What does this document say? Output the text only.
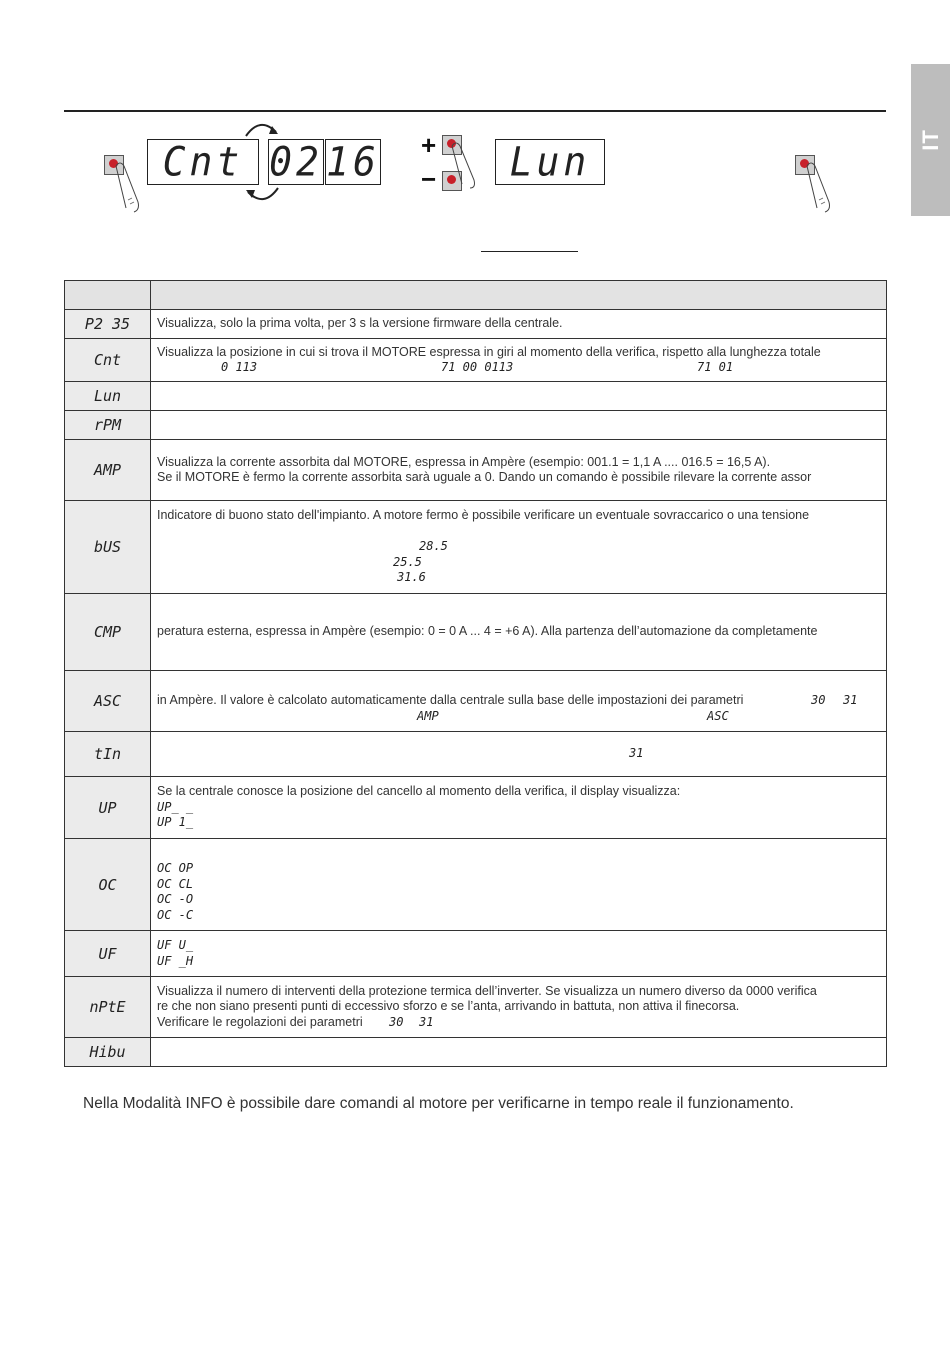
IT
Cnt 02 16 +
− Lun

P2 35	Visualizza, solo la prima volta, per 3 s la versione firmware della centrale.

Cnt	Visualizza la posizione in cui si trova il MOTORE espressa in giri al momento della verifica, rispetto alla lunghezza totale
0 113 71 00 0113 71 01

Lun	
rPM	
AMP	Visualizza la corrente assorbita dal MOTORE, espressa in Ampère (esempio: 001.1 = 1,1 A .... 016.5 = 16,5 A).
Se il MOTORE è fermo la corrente assorbita sarà uguale a 0. Dando un comando è possibile rilevare la corrente assor

bUS	Indicatore di buono stato dell'impianto. A motore fermo è possibile verificare un eventuale sovraccarico o una tensione
28.5
25.5
31.6

CMP	peratura esterna, espressa in Ampère (esempio: 0 = 0 A ... 4 = +6 A). Alla partenza dell’automazione da completamente

ASC	in Ampère. Il valore è calcolato automaticamente dalla centrale sulla base delle impostazioni dei parametri 30 31
AMP ASC

tIn	31

UP	Se la centrale conosce la posizione del cancello al momento della verifica, il display visualizza:
UP_ _
UP 1_

OC	OC OP
OC CL
OC -O
OC -C

UF	UF U_
UF _H

nPtE	Visualizza il numero di interventi della protezione termica dell’inverter. Se visualizza un numero diverso da 0000 verifica
re che non siano presenti punti di eccessivo sforzo e se l’anta, arrivando in battuta, non attiva il finecorsa.
Verificare le regolazioni dei parametri 30 31

Hibu	
Nella Modalità INFO è possibile dare comandi al motore per verificarne in tempo reale il funzionamento.
